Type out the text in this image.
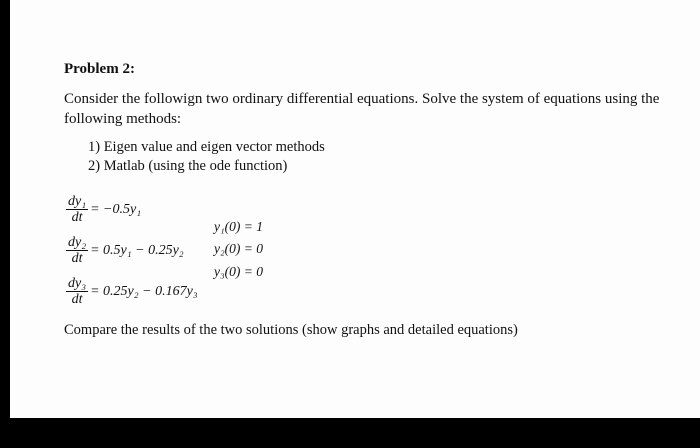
Problem 2:
Consider the followign two ordinary differential equations. Solve the system of equations using the following methods:
1) Eigen value and eigen vector methods
2) Matlab (using the ode function)
$\frac{\text{dy₁}}{dt} = -0.5y_1$
$\frac{\text{dy₂}}{dt} = 0.5y_1 - 0.25y_2$
$\frac{\text{dy₃}}{dt} = 0.25y_2 - 0.167y_3$
y₁(0) = 1
y₂(0) = 0
y₃(0) = 0
Compare the results of the two solutions (show graphs and detailed equations)
